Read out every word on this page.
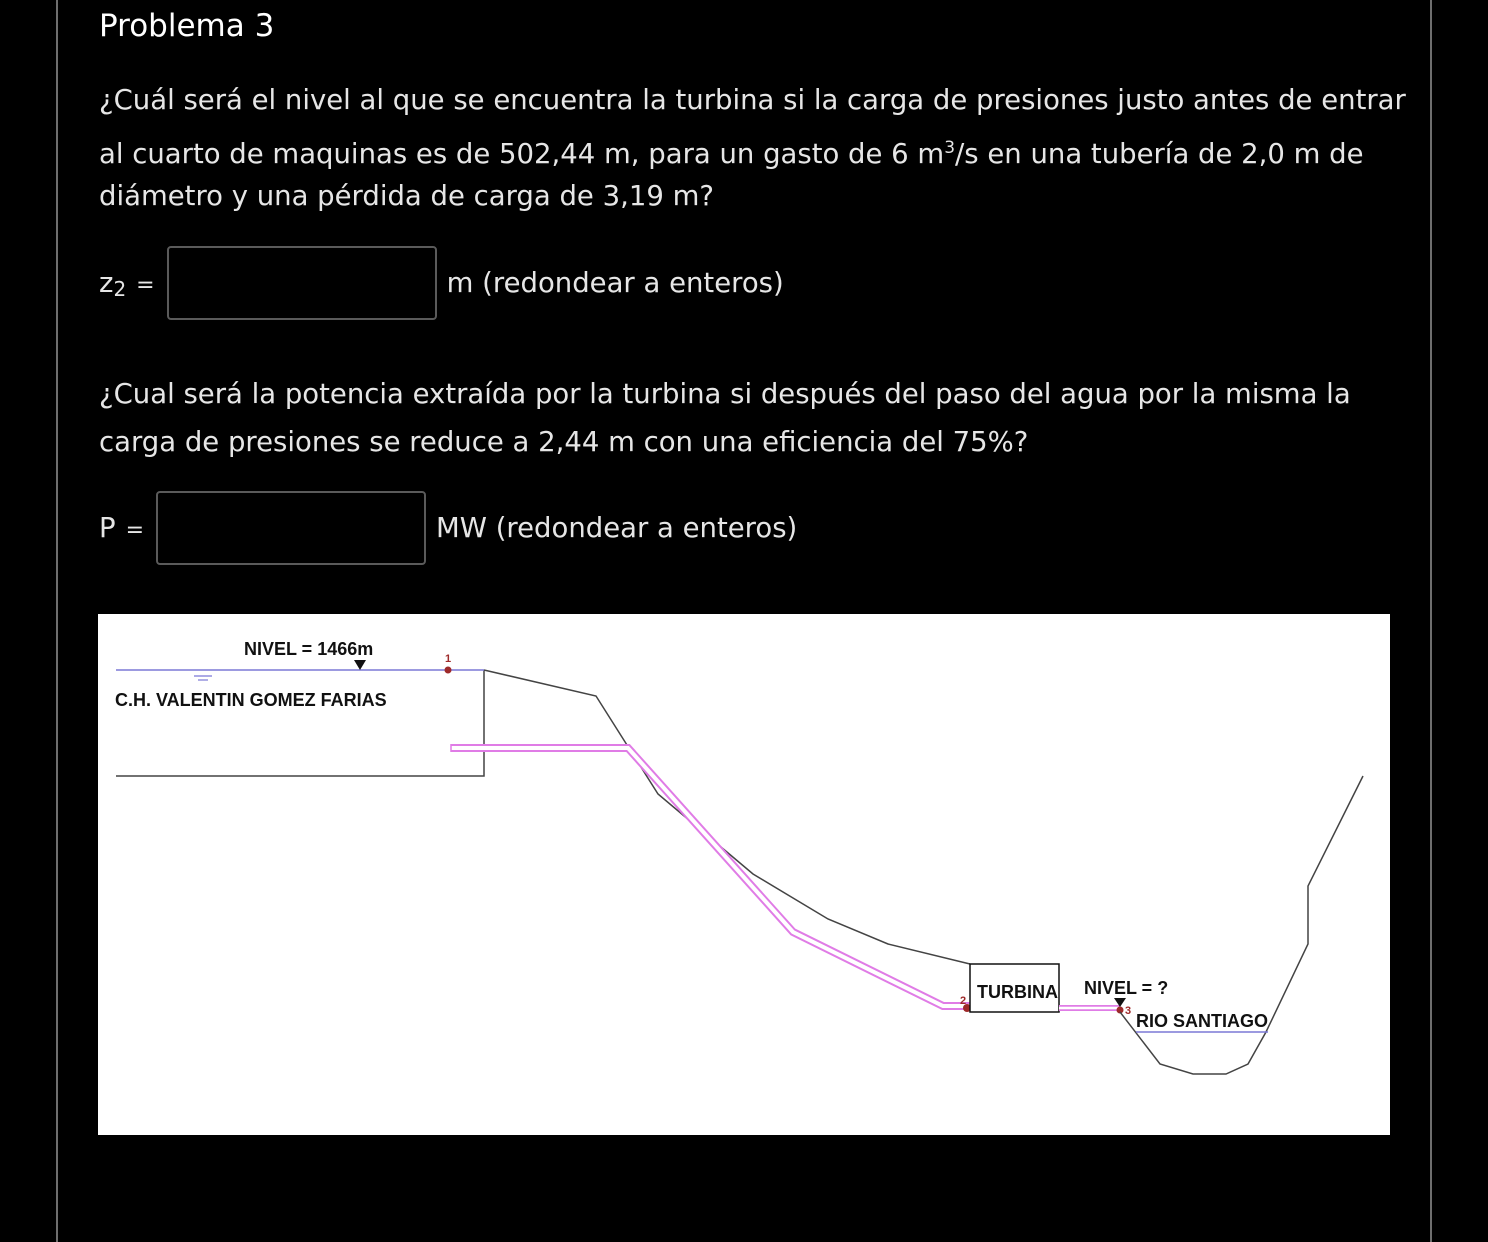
Problema 3

¿Cuál será el nivel al que se encuentra la turbina si la carga de presiones justo antes de entrar

al cuarto de maquinas es de 502,44 m, para un gasto de 6 $m^3/s$ en una tubería de 2,0 m de

diámetro y una pérdida de carga de 3,19 m?

$z_2$ =	m (redondear a enteros)

¿Cual será la potencia extraída por la turbina si después del paso del agua por la misma la

carga de presiones se reduce a 2,44 m con una eficiencia del 75%?

P =	MW (redondear a enteros)
NIVEL = 1466m
C.H. VALENTIN GOMEZ FARIAS
1
2 TURBINA
3
NIVEL = ?
RIO SANTIAGO
